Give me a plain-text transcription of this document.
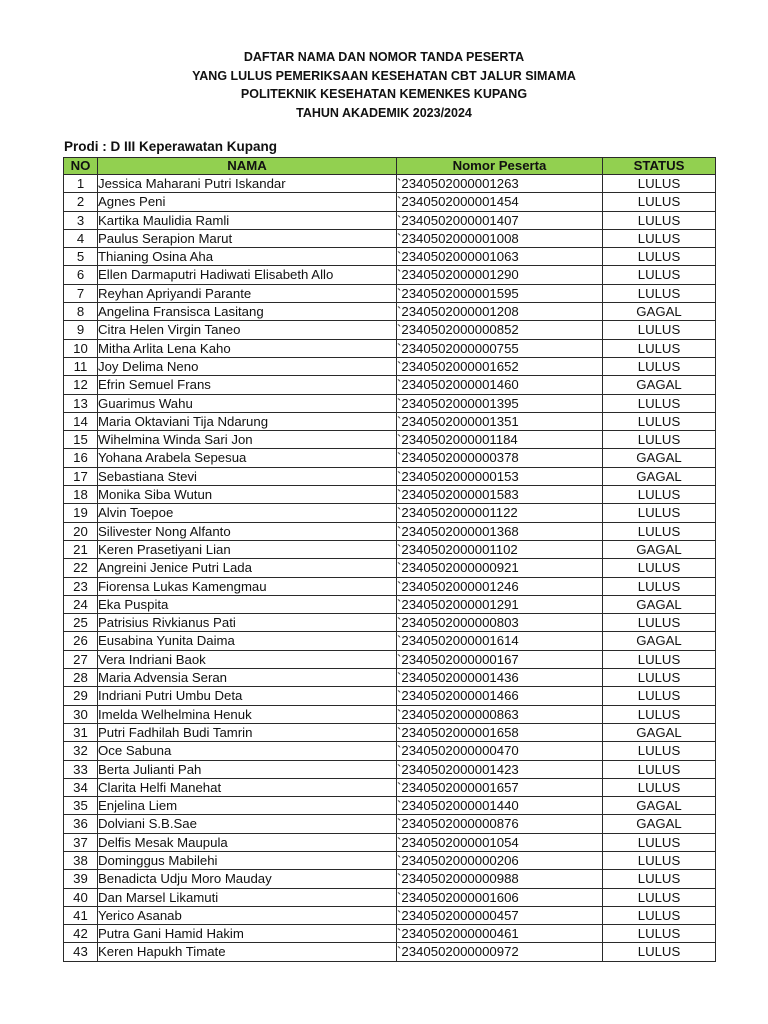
DAFTAR NAMA DAN NOMOR TANDA PESERTA
YANG LULUS PEMERIKSAAN KESEHATAN CBT JALUR SIMAMA
POLITEKNIK KESEHATAN KEMENKES KUPANG
TAHUN AKADEMIK 2023/2024
Prodi : D III Keperawatan Kupang
NO	NAMA	Nomor Peserta	STATUS
1	Jessica Maharani Putri Iskandar	`2340502000001263	LULUS
2	Agnes Peni	`2340502000001454	LULUS
3	Kartika Maulidia Ramli	`2340502000001407	LULUS
4	Paulus Serapion Marut	`2340502000001008	LULUS
5	Thianing Osina Aha	`2340502000001063	LULUS
6	Ellen Darmaputri Hadiwati Elisabeth Allo	`2340502000001290	LULUS
7	Reyhan Apriyandi Parante	`2340502000001595	LULUS
8	Angelina Fransisca Lasitang	`2340502000001208	GAGAL
9	Citra Helen Virgin Taneo	`2340502000000852	LULUS
10	Mitha Arlita Lena Kaho	`2340502000000755	LULUS
11	Joy Delima Neno	`2340502000001652	LULUS
12	Efrin Semuel Frans	`2340502000001460	GAGAL
13	Guarimus Wahu	`2340502000001395	LULUS
14	Maria Oktaviani Tija Ndarung	`2340502000001351	LULUS
15	Wihelmina Winda Sari Jon	`2340502000001184	LULUS
16	Yohana Arabela Sepesua	`2340502000000378	GAGAL
17	Sebastiana Stevi	`2340502000000153	GAGAL
18	Monika Siba Wutun	`2340502000001583	LULUS
19	Alvin Toepoe	`2340502000001122	LULUS
20	Silivester Nong Alfanto	`2340502000001368	LULUS
21	Keren Prasetiyani Lian	`2340502000001102	GAGAL
22	Angreini Jenice Putri Lada	`2340502000000921	LULUS
23	Fiorensa Lukas Kamengmau	`2340502000001246	LULUS
24	Eka Puspita	`2340502000001291	GAGAL
25	Patrisius Rivkianus Pati	`2340502000000803	LULUS
26	Eusabina Yunita Daima	`2340502000001614	GAGAL
27	Vera Indriani Baok	`2340502000000167	LULUS
28	Maria Advensia Seran	`2340502000001436	LULUS
29	Indriani Putri Umbu Deta	`2340502000001466	LULUS
30	Imelda Welhelmina Henuk	`2340502000000863	LULUS
31	Putri Fadhilah Budi Tamrin	`2340502000001658	GAGAL
32	Oce Sabuna	`2340502000000470	LULUS
33	Berta Julianti Pah	`2340502000001423	LULUS
34	Clarita Helfi Manehat	`2340502000001657	LULUS
35	Enjelina Liem	`2340502000001440	GAGAL
36	Dolviani S.B.Sae	`2340502000000876	GAGAL
37	Delfis Mesak Maupula	`2340502000001054	LULUS
38	Dominggus Mabilehi	`2340502000000206	LULUS
39	Benadicta Udju Moro Mauday	`2340502000000988	LULUS
40	Dan Marsel Likamuti	`2340502000001606	LULUS
41	Yerico Asanab	`2340502000000457	LULUS
42	Putra Gani Hamid Hakim	`2340502000000461	LULUS
43	Keren Hapukh Timate	`2340502000000972	LULUS
